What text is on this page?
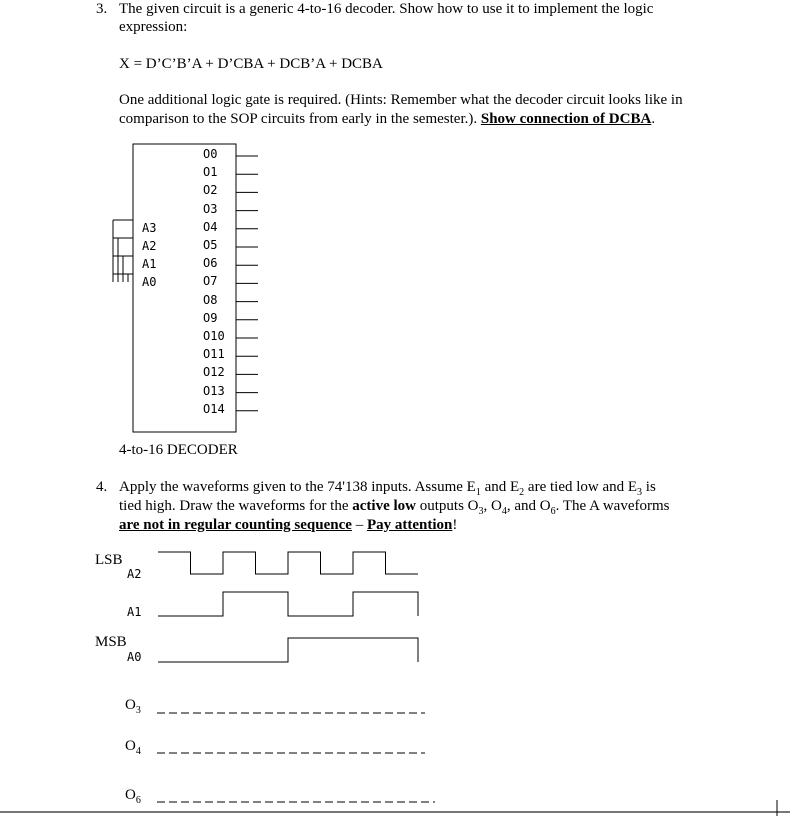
3. The given circuit is a generic 4-to-16 decoder. Show how to use it to implement the logic
expression:
X = D’C’B’A + D’CBA + DCB’A + DCBA
One additional logic gate is required. (Hints: Remember what the decoder circuit looks like in
comparison to the SOP circuits from early in the semester.). Show connection of DCBA.
A3
A2
A1
A0
O0
O1
O2
O3
O4
O5
O6
O7
O8
O9
O10
O11
O12
O13
O14
4-to-16 DECODER
4. Apply the waveforms given to the 74'138 inputs. Assume $E_1$ and $E_2$ are tied low and $E_3$ is
tied high. Draw the waveforms for the active low outputs $O_3$, $O_4$, and $O_6$. The A waveforms
are not in regular counting sequence – Pay attention!
LSB
MSB
A2
A1
A0
$O_3$
$O_4$
$O_6$
